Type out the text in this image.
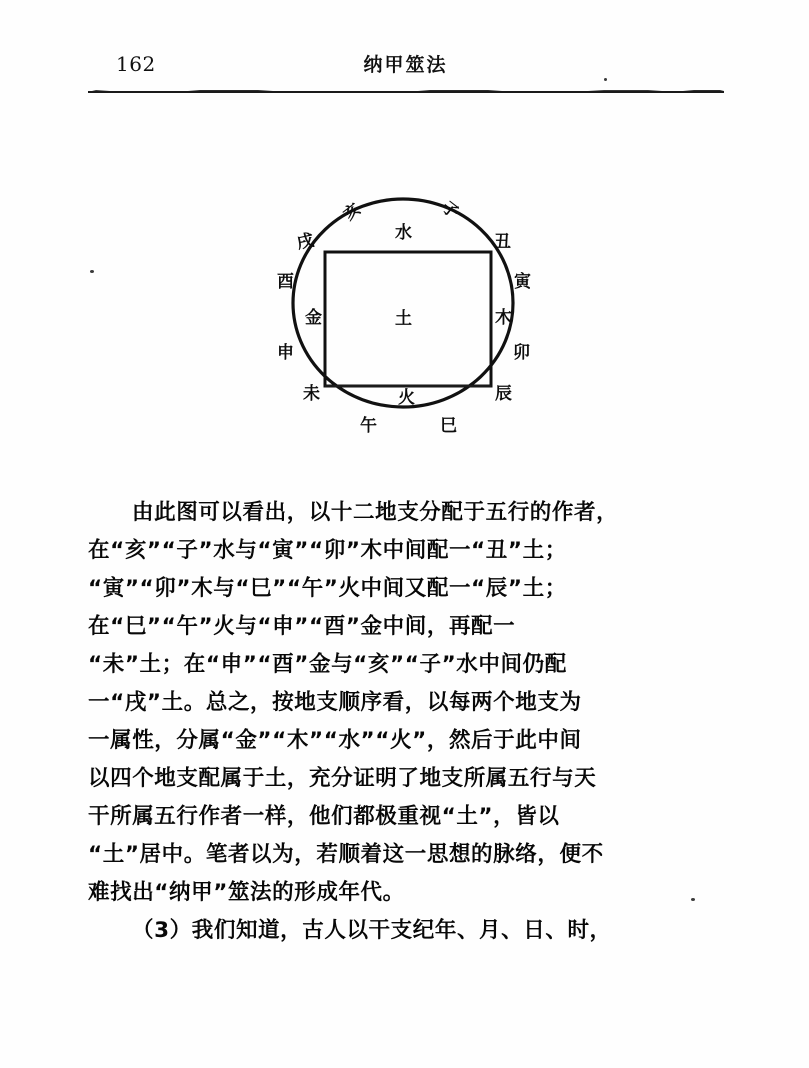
162	纳甲筮法
水
木
火
金	土
亥	子
丑
寅
卯
辰
巳
午
未
申
酉
戌
由此图可以看出，以十二地支分配于五行的作者，
在“亥”“子”水与“寅”“卯”木中间配一“丑”土；
“寅”“卯”木与“巳”“午”火中间又配一“辰”土；
在“巳”“午”火与“申”“酉”金中间，再配一
“未”土；在“申”“酉”金与“亥”“子”水中间仍配
一“戌”土。总之，按地支顺序看，以每两个地支为
一属性，分属“金”“木”“水”“火”，然后于此中间
以四个地支配属于土，充分证明了地支所属五行与天
干所属五行作者一样，他们都极重视“土”，皆以
“土”居中。笔者以为，若顺着这一思想的脉络，便不
难找出“纳甲”筮法的形成年代。
（3）我们知道，古人以干支纪年、月、日、时，
